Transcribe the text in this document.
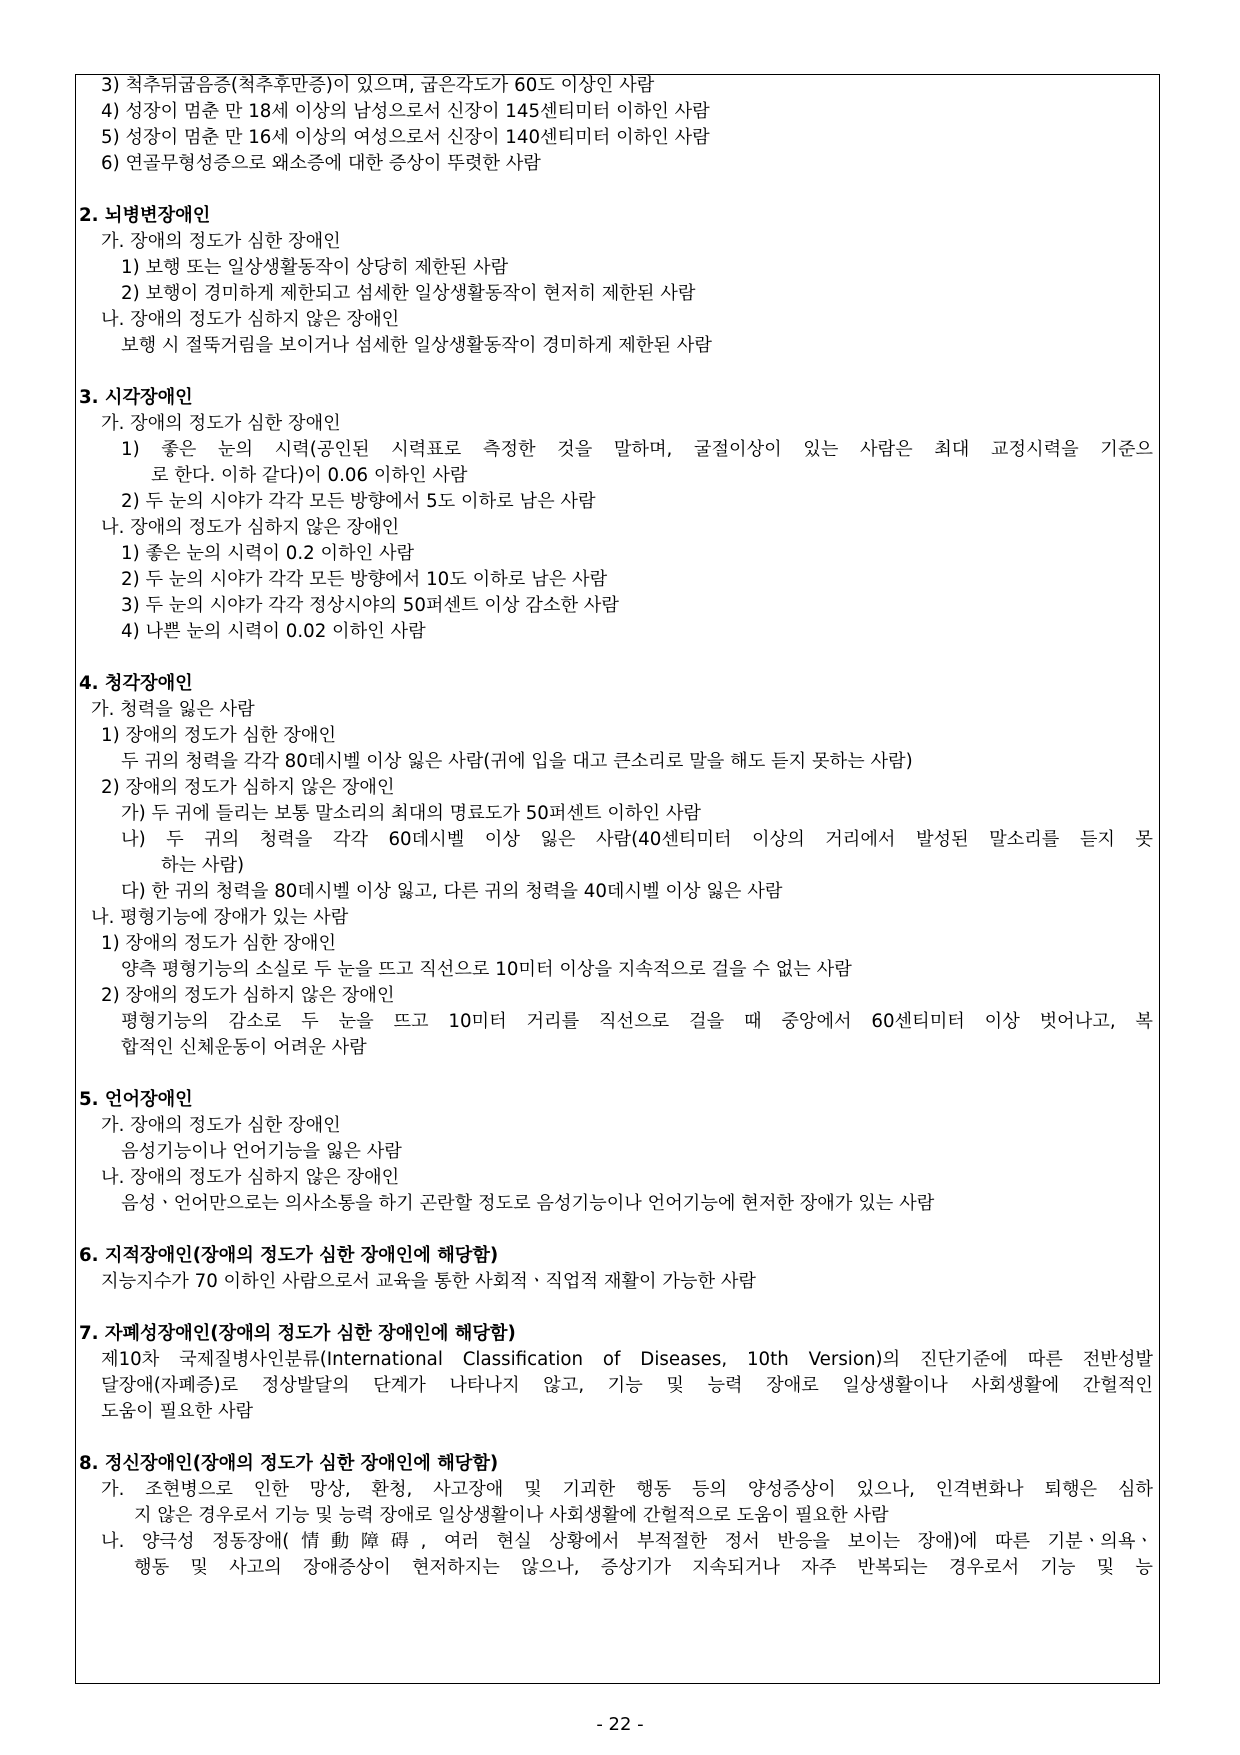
3) 척추뒤굽음증(척추후만증)이 있으며, 굽은각도가 60도 이상인 사람
4) 성장이 멈춘 만 18세 이상의 남성으로서 신장이 145센티미터 이하인 사람
5) 성장이 멈춘 만 16세 이상의 여성으로서 신장이 140센티미터 이하인 사람
6) 연골무형성증으로 왜소증에 대한 증상이 뚜렷한 사람
2. 뇌병변장애인
가. 장애의 정도가 심한 장애인
1) 보행 또는 일상생활동작이 상당히 제한된 사람
2) 보행이 경미하게 제한되고 섬세한 일상생활동작이 현저히 제한된 사람
나. 장애의 정도가 심하지 않은 장애인
보행 시 절뚝거림을 보이거나 섬세한 일상생활동작이 경미하게 제한된 사람
3. 시각장애인
가. 장애의 정도가 심한 장애인
1) 좋은 눈의 시력(공인된 시력표로 측정한 것을 말하며, 굴절이상이 있는 사람은 최대 교정시력을 기준으
로 한다. 이하 같다)이 0.06 이하인 사람
2) 두 눈의 시야가 각각 모든 방향에서 5도 이하로 남은 사람
나. 장애의 정도가 심하지 않은 장애인
1) 좋은 눈의 시력이 0.2 이하인 사람
2) 두 눈의 시야가 각각 모든 방향에서 10도 이하로 남은 사람
3) 두 눈의 시야가 각각 정상시야의 50퍼센트 이상 감소한 사람
4) 나쁜 눈의 시력이 0.02 이하인 사람
4. 청각장애인
가. 청력을 잃은 사람
1) 장애의 정도가 심한 장애인
두 귀의 청력을 각각 80데시벨 이상 잃은 사람(귀에 입을 대고 큰소리로 말을 해도 듣지 못하는 사람)
2) 장애의 정도가 심하지 않은 장애인
가) 두 귀에 들리는 보통 말소리의 최대의 명료도가 50퍼센트 이하인 사람
나) 두 귀의 청력을 각각 60데시벨 이상 잃은 사람(40센티미터 이상의 거리에서 발성된 말소리를 듣지 못
하는 사람)
다) 한 귀의 청력을 80데시벨 이상 잃고, 다른 귀의 청력을 40데시벨 이상 잃은 사람
나. 평형기능에 장애가 있는 사람
1) 장애의 정도가 심한 장애인
양측 평형기능의 소실로 두 눈을 뜨고 직선으로 10미터 이상을 지속적으로 걸을 수 없는 사람
2) 장애의 정도가 심하지 않은 장애인
평형기능의 감소로 두 눈을 뜨고 10미터 거리를 직선으로 걸을 때 중앙에서 60센티미터 이상 벗어나고, 복
합적인 신체운동이 어려운 사람
5. 언어장애인
가. 장애의 정도가 심한 장애인
음성기능이나 언어기능을 잃은 사람
나. 장애의 정도가 심하지 않은 장애인
음성ㆍ언어만으로는 의사소통을 하기 곤란할 정도로 음성기능이나 언어기능에 현저한 장애가 있는 사람
6. 지적장애인(장애의 정도가 심한 장애인에 해당함)
지능지수가 70 이하인 사람으로서 교육을 통한 사회적ㆍ직업적 재활이 가능한 사람
7. 자폐성장애인(장애의 정도가 심한 장애인에 해당함)
제10차 국제질병사인분류(International Classification of Diseases, 10th Version)의 진단기준에 따른 전반성발
달장애(자폐증)로 정상발달의 단계가 나타나지 않고, 기능 및 능력 장애로 일상생활이나 사회생활에 간헐적인
도움이 필요한 사람
8. 정신장애인(장애의 정도가 심한 장애인에 해당함)
가. 조현병으로 인한 망상, 환청, 사고장애 및 기괴한 행동 등의 양성증상이 있으나, 인격변화나 퇴행은 심하
지 않은 경우로서 기능 및 능력 장애로 일상생활이나 사회생활에 간헐적으로 도움이 필요한 사람
나. 양극성 정동장애(情動障碍, 여러 현실 상황에서 부적절한 정서 반응을 보이는 장애)에 따른 기분ㆍ의욕ㆍ
행동 및 사고의 장애증상이 현저하지는 않으나, 증상기가 지속되거나 자주 반복되는 경우로서 기능 및 능
- 22 -
